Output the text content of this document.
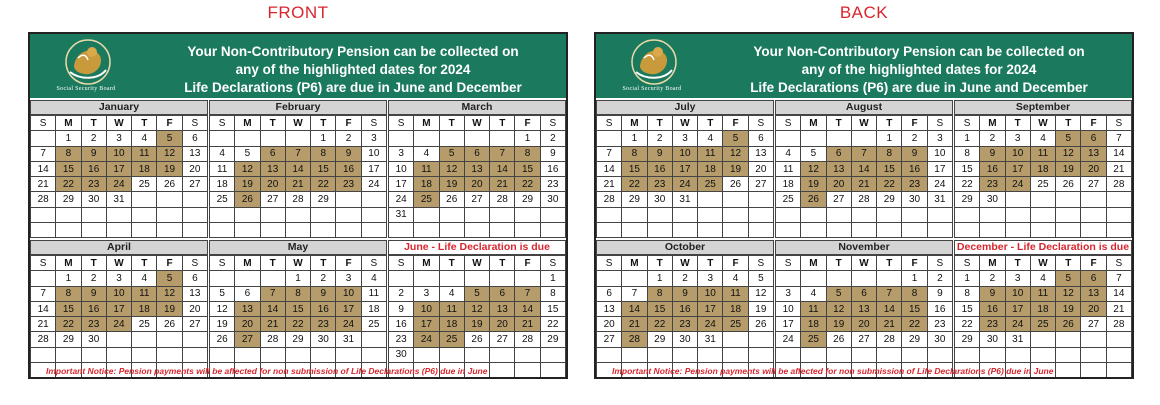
FRONT	BACK
Social Security Board
Your Non-Contributory Pension can be collected on
any of the highlighted dates for 2024
Life Declarations (P6) are due in June and December
January
S	M	T	W	T	F	S
	1	2	3	4	5	6
7	8	9	10	11	12	13
14	15	16	17	18	19	20
21	22	23	24	25	26	27
28	29	30	31			

February
S	M	T	W	T	F	S
				1	2	3
4	5	6	7	8	9	10
11	12	13	14	15	16	17
18	19	20	21	22	23	24
25	26	27	28	29		

March
S	M	T	W	T	F	S
					1	2
3	4	5	6	7	8	9
10	11	12	13	14	15	16
17	18	19	20	21	22	23
24	25	26	27	28	29	30
31						

April
S	M	T	W	T	F	S
	1	2	3	4	5	6
7	8	9	10	11	12	13
14	15	16	17	18	19	20
21	22	23	24	25	26	27
28	29	30				

May
S	M	T	W	T	F	S
			1	2	3	4
5	6	7	8	9	10	11
12	13	14	15	16	17	18
19	20	21	22	23	24	25
26	27	28	29	30	31	

June - Life Declaration is due
S	M	T	W	T	F	S
						1
2	3	4	5	6	7	8
9	10	11	12	13	14	15
16	17	18	19	20	21	22
23	24	25	26	27	28	29
30						

Important Notice: Pension payments will be affected for non submission of Life Declarations (P6) due in June
Social Security Board
Your Non-Contributory Pension can be collected on
any of the highlighted dates for 2024
Life Declarations (P6) are due in June and December
July
S	M	T	W	T	F	S
	1	2	3	4	5	6
7	8	9	10	11	12	13
14	15	16	17	18	19	20
21	22	23	24	25	26	27
28	29	30	31			

August
S	M	T	W	T	F	S
				1	2	3
4	5	6	7	8	9	10
11	12	13	14	15	16	17
18	19	20	21	22	23	24
25	26	27	28	29	30	31

September
S	M	T	W	T	F	S
1	2	3	4	5	6	7
8	9	10	11	12	13	14
15	16	17	18	19	20	21
22	23	24	25	26	27	28
29	30					

October
S	M	T	W	T	F	S
		1	2	3	4	5
6	7	8	9	10	11	12
13	14	15	16	17	18	19
20	21	22	23	24	25	26
27	28	29	30	31		

November
S	M	T	W	T	F	S
					1	2
3	4	5	6	7	8	9
10	11	12	13	14	15	16
17	18	19	20	21	22	23
24	25	26	27	28	29	30

December - Life Declaration is due
S	M	T	W	T	F	S
1	2	3	4	5	6	7
8	9	10	11	12	13	14
15	16	17	18	19	20	21
22	23	24	25	26	27	28
29	30	31				

Important Notice: Pension payments will be affected for non submission of Life Declarations (P6) due in June
